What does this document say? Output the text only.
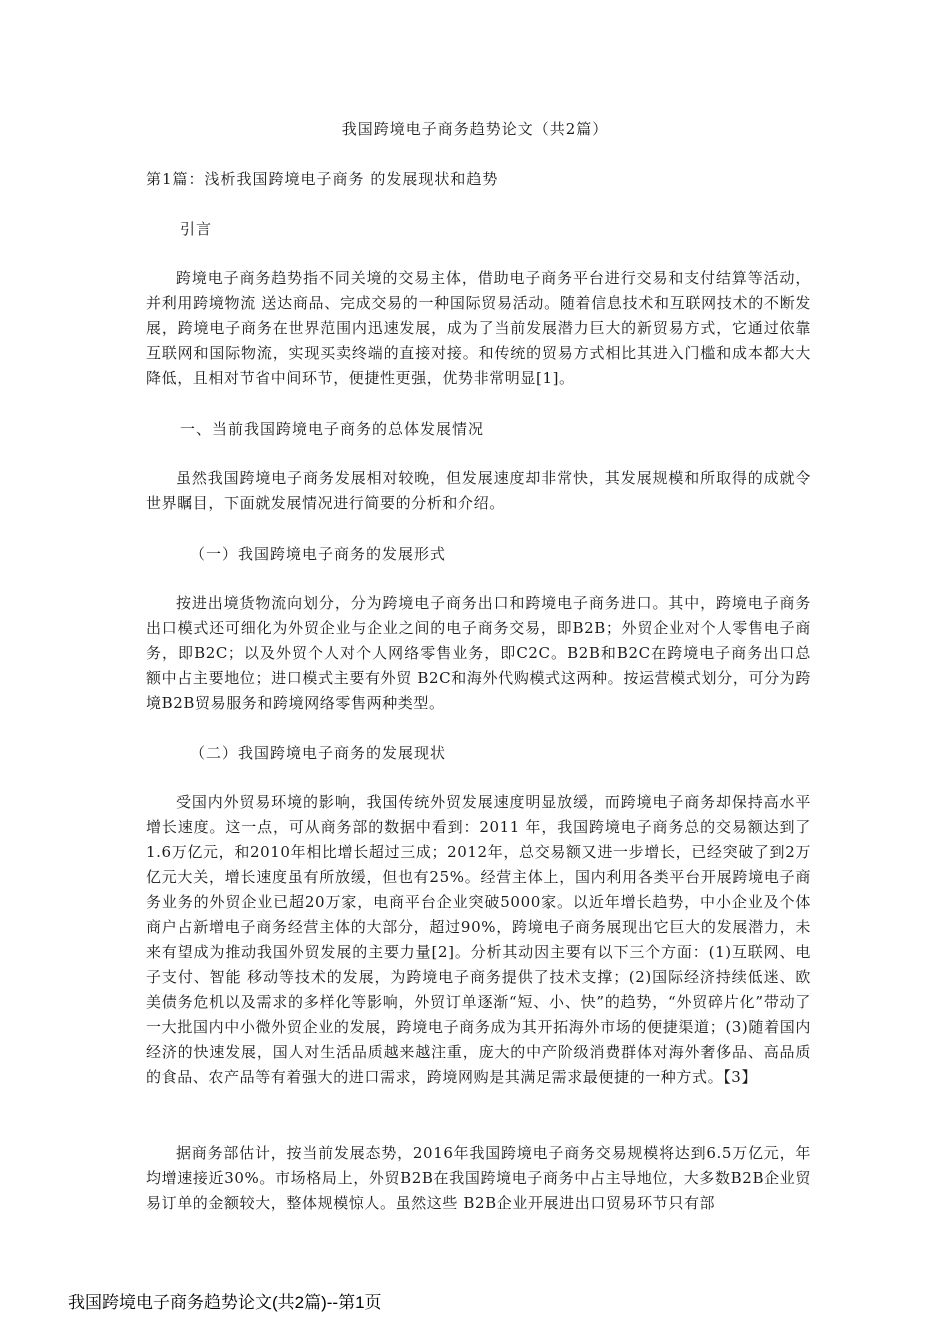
我国跨境电子商务趋势论文（共2篇）
第1篇：浅析我国跨境电子商务 的发展现状和趋势
引言
跨境电子商务趋势指不同关境的交易主体，借助电子商务平台进行交易和支付结算等活动，并利用跨境物流 送达商品、完成交易的一种国际贸易活动。随着信息技术和互联网技术的不断发展，跨境电子商务在世界范围内迅速发展，成为了当前发展潜力巨大的新贸易方式，它通过依靠互联网和国际物流，实现买卖终端的直接对接。和传统的贸易方式相比其进入门槛和成本都大大降低，且相对节省中间环节，便捷性更强，优势非常明显[1]。
一、当前我国跨境电子商务的总体发展情况
虽然我国跨境电子商务发展相对较晚，但发展速度却非常快，其发展规模和所取得的成就令世界瞩目，下面就发展情况进行简要的分析和介绍。
（一）我国跨境电子商务的发展形式
按进出境货物流向划分，分为跨境电子商务出口和跨境电子商务进口。其中，跨境电子商务出口模式还可细化为外贸企业与企业之间的电子商务交易，即B2B；外贸企业对个人零售电子商务，即B2C；以及外贸个人对个人网络零售业务，即C2C。B2B和B2C在跨境电子商务出口总额中占主要地位；进口模式主要有外贸 B2C和海外代购模式这两种。按运营模式划分，可分为跨境B2B贸易服务和跨境网络零售两种类型。
（二）我国跨境电子商务的发展现状
受国内外贸易环境的影响，我国传统外贸发展速度明显放缓，而跨境电子商务却保持高水平增长速度。这一点，可从商务部的数据中看到：2011 年，我国跨境电子商务总的交易额达到了1.6万亿元，和2010年相比增长超过三成；2012年，总交易额又进一步增长，已经突破了到2万亿元大关，增长速度虽有所放缓，但也有25%。经营主体上，国内利用各类平台开展跨境电子商务业务的外贸企业已超20万家，电商平台企业突破5000家。以近年增长趋势，中小企业及个体商户占新增电子商务经营主体的大部分，超过90%，跨境电子商务展现出它巨大的发展潜力，未来有望成为推动我国外贸发展的主要力量[2]。分析其动因主要有以下三个方面：(1)互联网、电子支付、智能 移动等技术的发展，为跨境电子商务提供了技术支撑；(2)国际经济持续低迷、欧美债务危机以及需求的多样化等影响，外贸订单逐渐“短、小、快”的趋势，“外贸碎片化”带动了一大批国内中小微外贸企业的发展，跨境电子商务成为其开拓海外市场的便捷渠道；(3)随着国内经济的快速发展，国人对生活品质越来越注重，庞大的中产阶级消费群体对海外奢侈品、高品质的食品、农产品等有着强大的进口需求，跨境网购是其满足需求最便捷的一种方式。【3】
据商务部估计，按当前发展态势，2016年我国跨境电子商务交易规模将达到6.5万亿元，年均增速接近30%。市场格局上，外贸B2B在我国跨境电子商务中占主导地位，大多数B2B企业贸易订单的金额较大，整体规模惊人。虽然这些 B2B企业开展进出口贸易环节只有部
我国跨境电子商务趋势论文(共2篇)--第1页
